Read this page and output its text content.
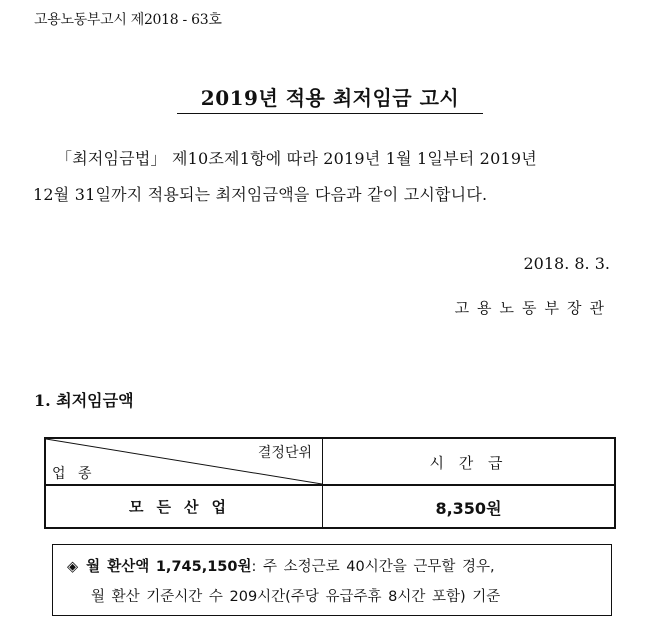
고용노동부고시 제2018 - 63호
2019년 적용 최저임금 고시
「최저임금법」 제10조제1항에 따라 2019년 1월 1일부터 2019년
12월 31일까지 적용되는 최저임금액을 다음과 같이 고시합니다.
2018. 8. 3.
고용노동부장관
1. 최저임금액
결정단위
업 종
시 간 급
모든산업	8,350원
◈ 월 환산액 1,745,150원: 주 소정근로 40시간을 근무할 경우,
월 환산 기준시간 수 209시간(주당 유급주휴 8시간 포함) 기준
